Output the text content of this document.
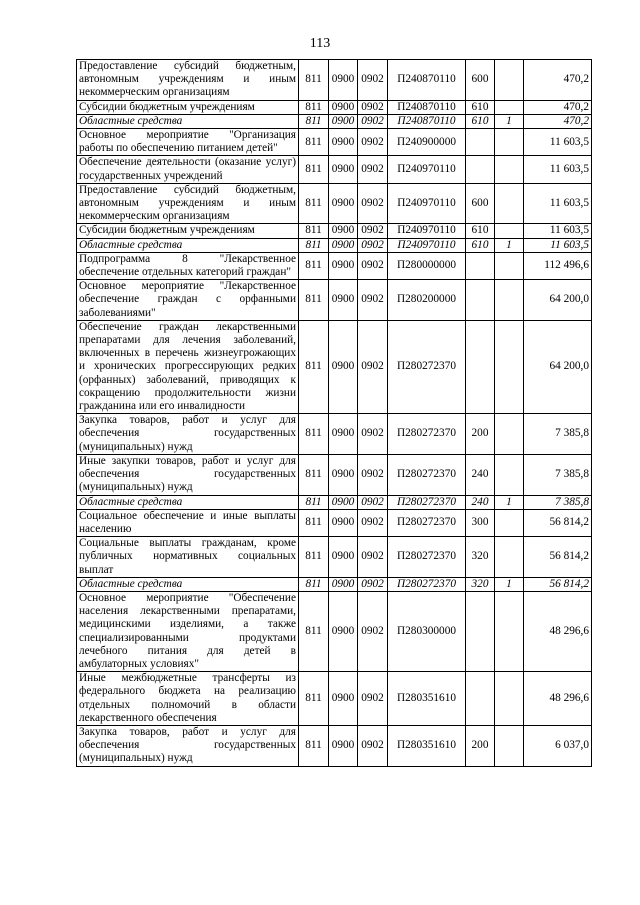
113
Предоставление субсидий бюджетным, автономным учреждениям и иным некоммерческим организациям	811	0900	0902	П240870110	600		470,2
Субсидии бюджетным учреждениям	811	0900	0902	П240870110	610		470,2
Областные средства	811	0900	0902	П240870110	610	1	470,2
Основное мероприятие "Организация работы по обеспечению питанием детей"	811	0900	0902	П240900000			11 603,5
Обеспечение деятельности (оказание услуг) государственных учреждений	811	0900	0902	П240970110			11 603,5
Предоставление субсидий бюджетным, автономным учреждениям и иным некоммерческим организациям	811	0900	0902	П240970110	600		11 603,5
Субсидии бюджетным учреждениям	811	0900	0902	П240970110	610		11 603,5
Областные средства	811	0900	0902	П240970110	610	1	11 603,5
Подпрограмма 8 "Лекарственное обеспечение отдельных категорий граждан"	811	0900	0902	П280000000			112 496,6
Основное мероприятие "Лекарственное обеспечение граждан с орфанными заболеваниями"	811	0900	0902	П280200000			64 200,0
Обеспечение граждан лекарственными препаратами для лечения заболеваний, включенных в перечень жизнеугрожающих и хронических прогрессирующих редких (орфанных) заболеваний, приводящих к сокращению продолжительности жизни гражданина или его инвалидности	811	0900	0902	П280272370			64 200,0
Закупка товаров, работ и услуг для обеспечения государственных (муниципальных) нужд	811	0900	0902	П280272370	200		7 385,8
Иные закупки товаров, работ и услуг для обеспечения государственных (муниципальных) нужд	811	0900	0902	П280272370	240		7 385,8
Областные средства	811	0900	0902	П280272370	240	1	7 385,8
Социальное обеспечение и иные выплаты населению	811	0900	0902	П280272370	300		56 814,2
Социальные выплаты гражданам, кроме публичных нормативных социальных выплат	811	0900	0902	П280272370	320		56 814,2
Областные средства	811	0900	0902	П280272370	320	1	56 814,2
Основное мероприятие "Обеспечение населения лекарственными препаратами, медицинскими изделиями, а также специализированными продуктами лечебного питания для детей в амбулаторных условиях"	811	0900	0902	П280300000			48 296,6
Иные межбюджетные трансферты из федерального бюджета на реализацию отдельных полномочий в области лекарственного обеспечения	811	0900	0902	П280351610			48 296,6
Закупка товаров, работ и услуг для обеспечения государственных (муниципальных) нужд	811	0900	0902	П280351610	200		6 037,0
